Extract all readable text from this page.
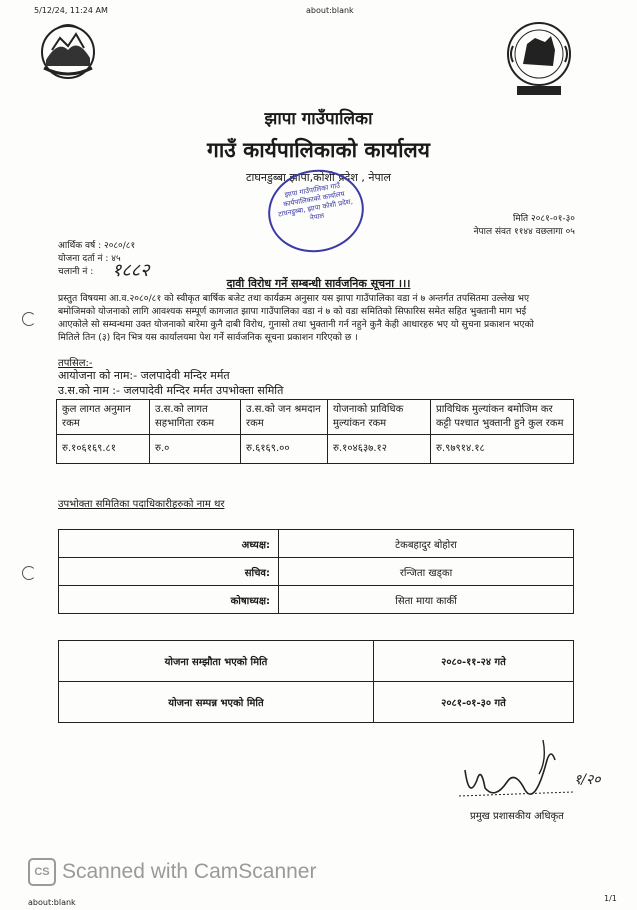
5/12/24, 11:24 AM	about:blank
झापा गाउँपालिका
गाउँ कार्यपालिकाको कार्यालय
टाघनडुब्बा,झापा,कोशी प्रदेश , नेपाल
झापा गाउँपालिका गाउँ कार्यपालिकाको कार्यालय टाघनडुब्बा, झापा कोशी प्रदेश, नेपाल	मिति २०८१-०१-३०
नेपाल संवत ११४४ वछलागा ०५
आर्थिक वर्ष : २०८०/८१
योजना दर्ता नं : ४५
चलानी नं : १८८२
दावी विरोध गर्ने सम्बन्धी सार्वजनिक सूचना ।।।
प्रस्तुत विषयमा आ.व.२०८०/८१ को स्वीकृत बार्षिक बजेट तथा कार्यक्रम अनुसार यस झापा गाउँपालिका वडा नं ७ अन्तर्गत तपसितमा उल्लेख भए
बमोजिमको योजनाको लागि आवश्यक सम्पूर्ण कागजात झापा गाउँपालिका वडा नं ७ को वडा समितिको सिफारिस समेत सहित भुक्तानी माग भई
आएकोले सो सम्वन्धमा उक्त योजनाको बारेमा कुनै दाबी विरोध, गुनासो तथा भुक्तानी गर्न नहुने कुनै केही आधारहरु भए यो सुचना प्रकाशन भएको
मितिले तिन (३) दिन भित्र यस कार्यालयमा पेश गर्ने सार्वजनिक सूचना प्रकाशन गरिएको छ ।
तपसिल:-
आयोजना को नाम:- जलपादेवी मन्दिर मर्मत
उ.स.को नाम :- जलपादेवी मन्दिर मर्मत उपभोक्ता समिति
कुल लागत अनुमान रकम	उ.स.को लागत सहभागिता रकम	उ.स.को जन श्रमदान रकम	योजनाको प्राविधिक मुल्यांकन रकम	प्राविधिक मुल्यांकन बमोजिम कर कट्टी पश्चात भुक्तानी हुने कुल रकम
रु.१०६१६९.८१	रु.०	रु.६१६९.००	रु.१०४६३७.१२	रु.९७९१४.१८
उपभोक्ता समितिका पदाधिकारीहरुको नाम थर
अध्यक्ष:	टेकबहादुर बोहोरा
सचिव:	रन्जिता खड्का
कोषाध्यक्ष:	सिता माया कार्की
योजना सम्झौता भएको मिति	२०८०-११-२४ गते
योजना सम्पन्न भएको मिति	२०८१-०१-३० गते
१/२०
प्रमुख प्रशासकीय अधिकृत
CS Scanned with CamScanner
about:blank	1/1
